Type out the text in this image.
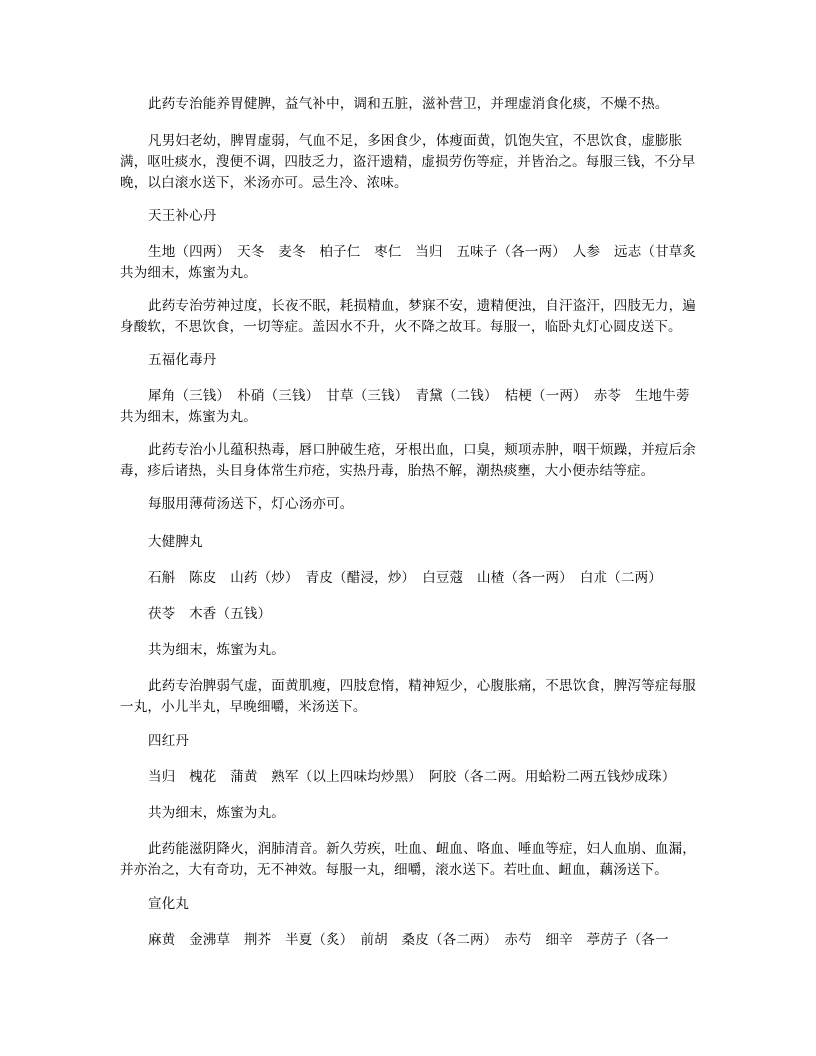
此药专治能养胃健脾，益气补中，调和五脏，滋补营卫，并理虚消食化痰，不燥不热。
凡男妇老幼，脾胃虚弱，气血不足，多困食少，体瘦面黄，饥饱失宜，不思饮食，虚膨胀满，呕吐痰水，溲便不调，四肢乏力，盗汗遗精，虚损劳伤等症，并皆治之。每服三钱，不分早晚，以白滚水送下，米汤亦可。忌生冷、浓味。
天王补心丹
生地（四两）　天冬　麦冬　柏子仁　枣仁　当归　五味子（各一两）　人参　远志（甘草炙共为细末，炼蜜为丸。
此药专治劳神过度，长夜不眠，耗损精血，梦寐不安，遗精便浊，自汗盗汗，四肢无力，遍身酸软，不思饮食，一切等症。盖因水不升，火不降之故耳。每服一，临卧丸灯心圆皮送下。
五福化毒丹
犀角（三钱）　朴硝（三钱）　甘草（三钱）　青黛（二钱）　桔梗（一两）　赤苓　生地牛蒡共为细末，炼蜜为丸。
此药专治小儿蕴积热毒，唇口肿破生疮，牙根出血，口臭，颊项赤肿，咽干烦躁，并痘后余毒，疹后诸热，头目身体常生疖疮，实热丹毒，胎热不解，潮热痰壅，大小便赤结等症。
每服用薄荷汤送下，灯心汤亦可。
大健脾丸
石斛　陈皮　山药（炒）　青皮（醋浸，炒）　白豆蔻　山楂（各一两）　白朮（二两）
茯苓　木香（五钱）
共为细末，炼蜜为丸。
此药专治脾弱气虚，面黄肌瘦，四肢怠惰，精神短少，心腹胀痛，不思饮食，脾泻等症每服一丸，小儿半丸，早晚细嚼，米汤送下。
四红丹
当归　槐花　蒲黄　熟军（以上四味均炒黑）　阿胶（各二两。用蛤粉二两五钱炒成珠）
共为细末，炼蜜为丸。
此药能滋阴降火，润肺清音。新久劳疾，吐血、衄血、咯血、唾血等症，妇人血崩、血漏，并亦治之，大有奇功，无不神效。每服一丸，细嚼，滚水送下。若吐血、衄血，藕汤送下。
宣化丸
麻黄　金沸草　荆芥　半夏（炙）　前胡　桑皮（各二两）　赤芍　细辛　葶苈子（各一
